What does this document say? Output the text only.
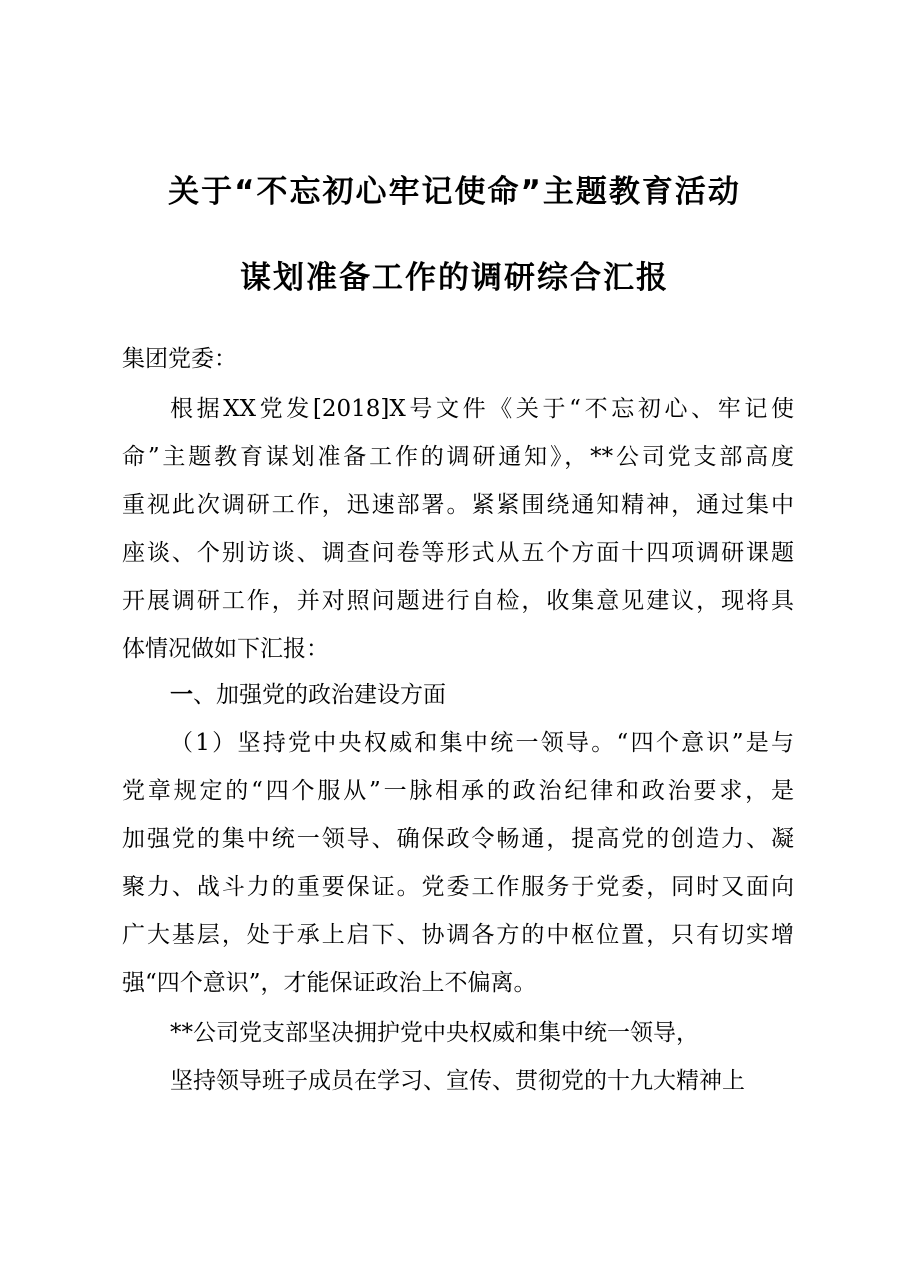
关于“不忘初心牢记使命”主题教育活动
谋划准备工作的调研综合汇报
集团党委：
根据XX党发[2018]X号文件《关于“不忘初心、牢记使
命”主题教育谋划准备工作的调研通知》，**公司党支部高度
重视此次调研工作，迅速部署。紧紧围绕通知精神，通过集中
座谈、个别访谈、调查问卷等形式从五个方面十四项调研课题
开展调研工作，并对照问题进行自检，收集意见建议，现将具
体情况做如下汇报：
一、加强党的政治建设方面
（1）坚持党中央权威和集中统一领导。“四个意识”是与
党章规定的“四个服从”一脉相承的政治纪律和政治要求，是
加强党的集中统一领导、确保政令畅通，提高党的创造力、凝
聚力、战斗力的重要保证。党委工作服务于党委，同时又面向
广大基层，处于承上启下、协调各方的中枢位置，只有切实增
强“四个意识”，才能保证政治上不偏离。
**公司党支部坚决拥护党中央权威和集中统一领导，
坚持领导班子成员在学习、宣传、贯彻党的十九大精神上
